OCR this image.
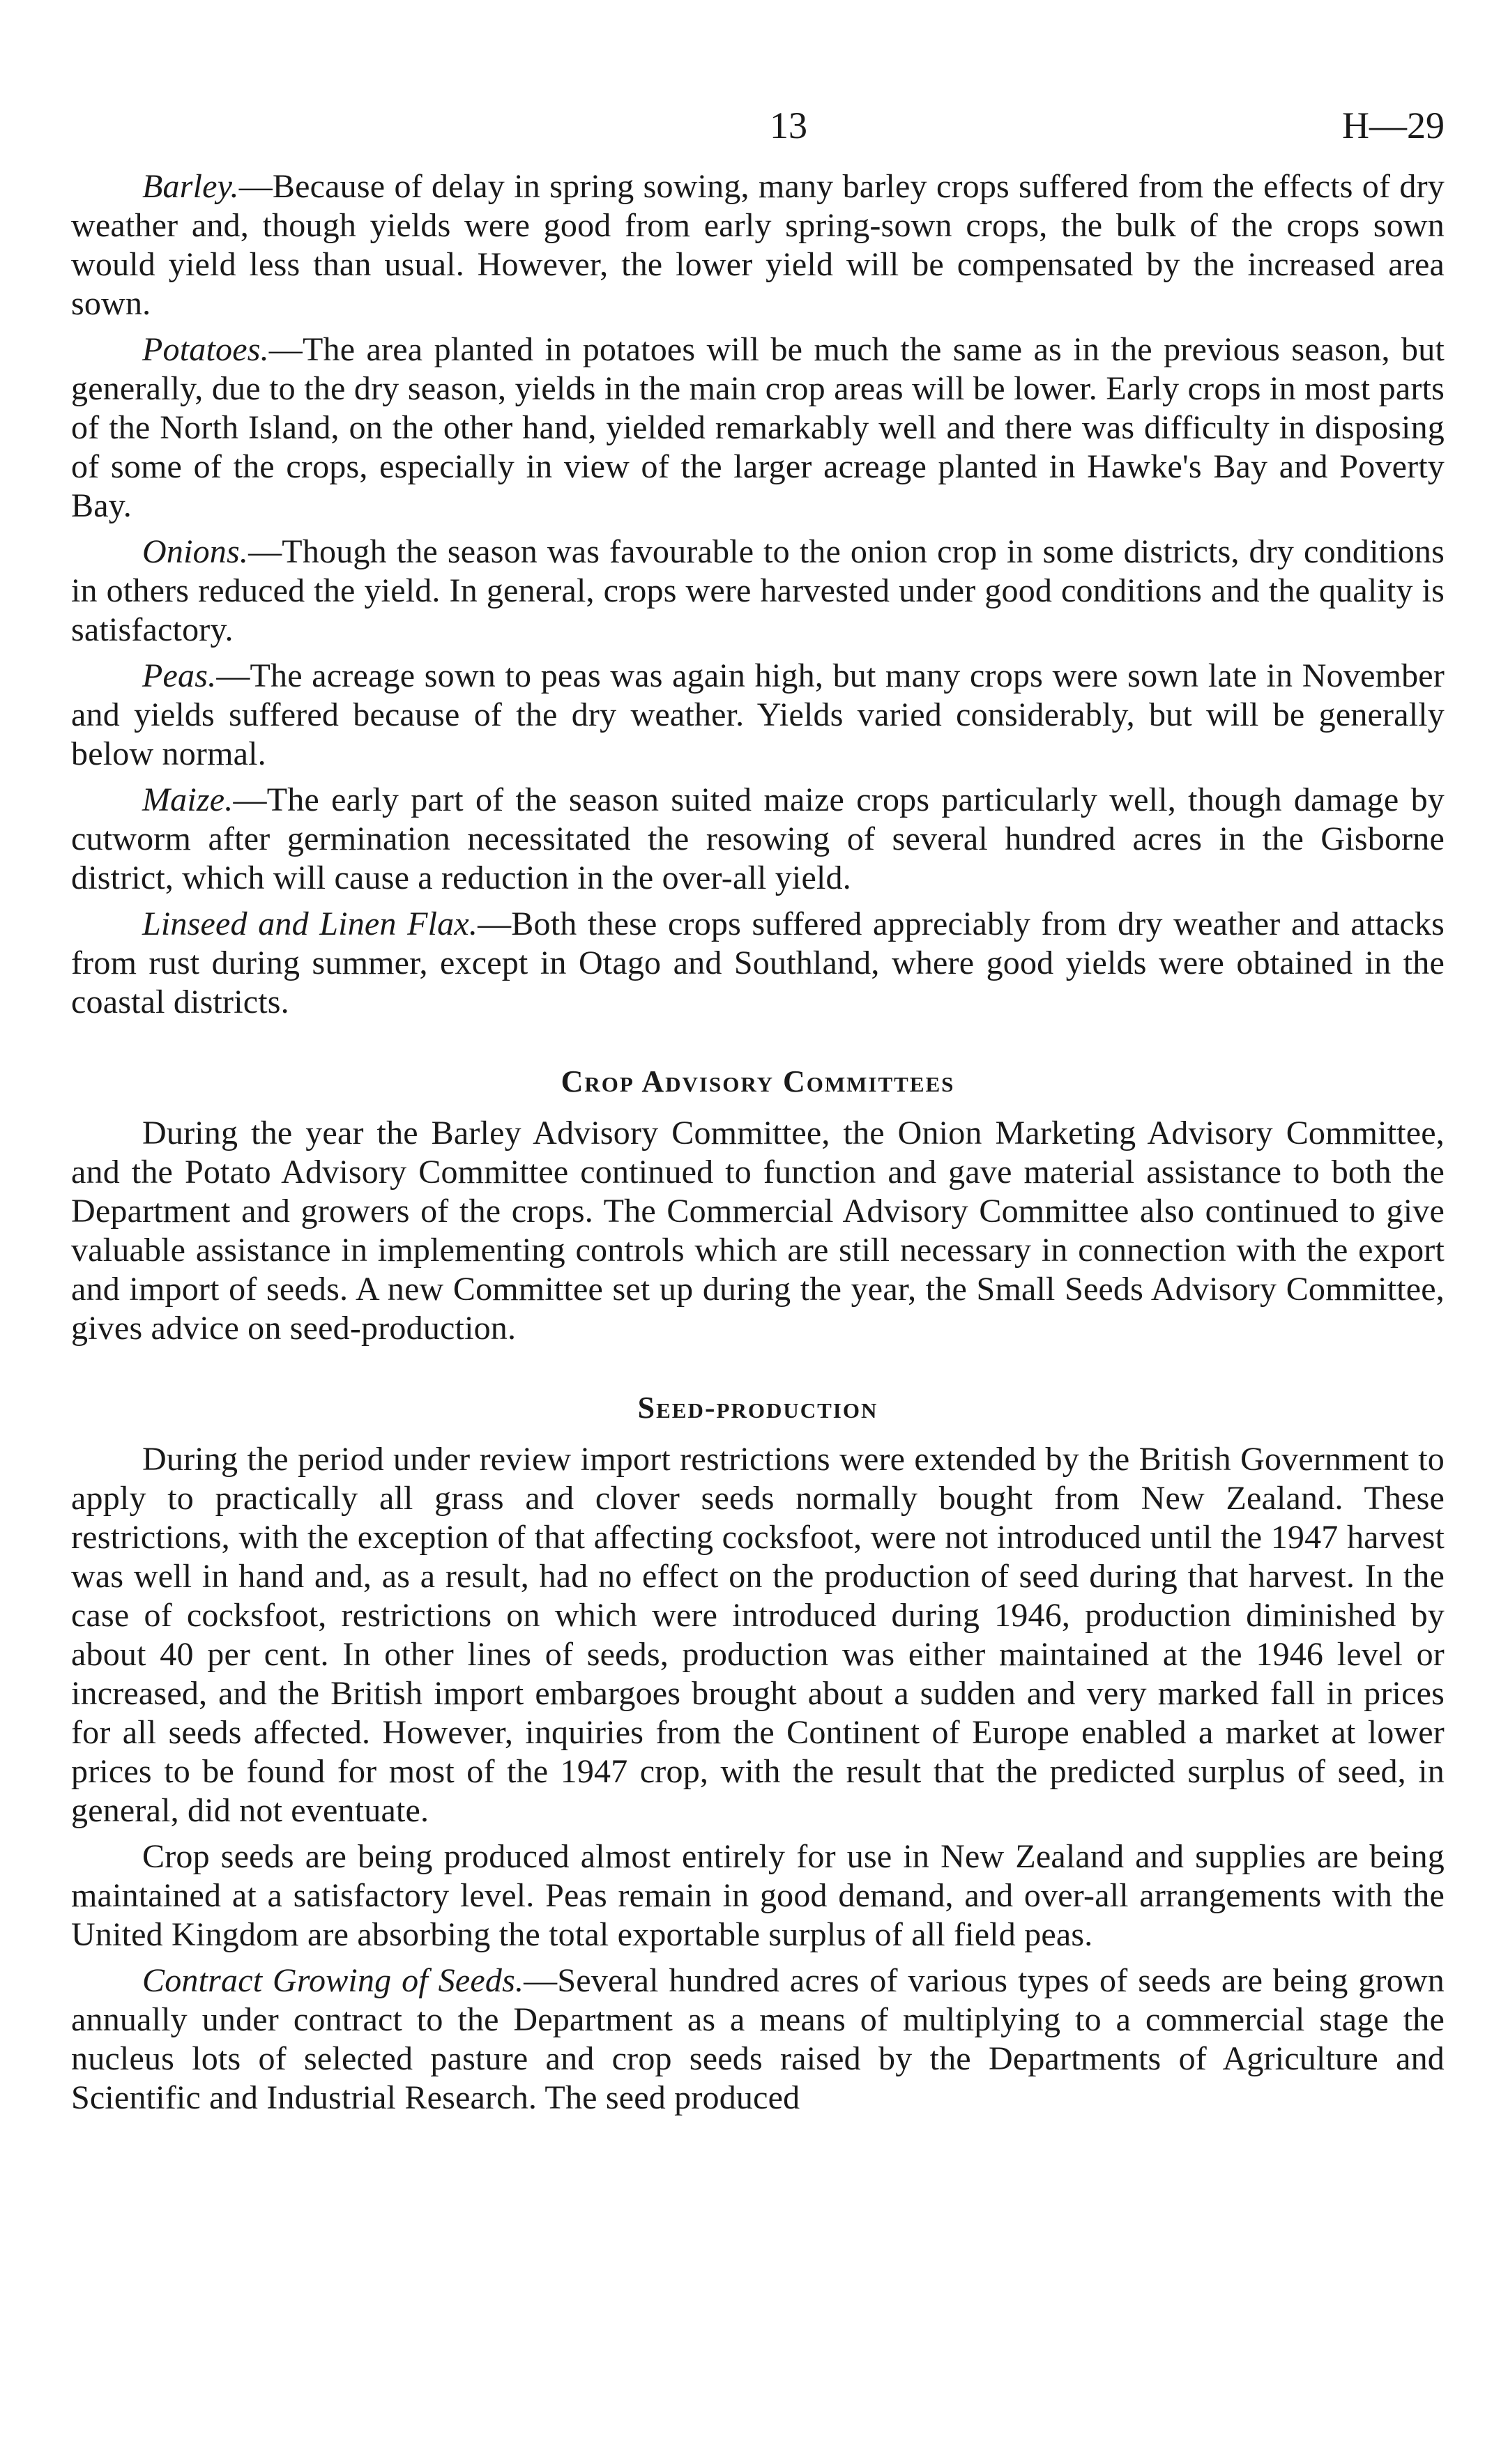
13	H—29

Barley.—Because of delay in spring sowing, many barley crops suffered from the effects of dry weather and, though yields were good from early spring-sown crops, the bulk of the crops sown would yield less than usual. However, the lower yield will be compensated by the increased area sown.

Potatoes.—The area planted in potatoes will be much the same as in the previous season, but generally, due to the dry season, yields in the main crop areas will be lower. Early crops in most parts of the North Island, on the other hand, yielded remarkably well and there was difficulty in disposing of some of the crops, especially in view of the larger acreage planted in Hawke's Bay and Poverty Bay.

Onions.—Though the season was favourable to the onion crop in some districts, dry conditions in others reduced the yield. In general, crops were harvested under good conditions and the quality is satisfactory.

Peas.—The acreage sown to peas was again high, but many crops were sown late in November and yields suffered because of the dry weather. Yields varied considerably, but will be generally below normal.

Maize.—The early part of the season suited maize crops particularly well, though damage by cutworm after germination necessitated the resowing of several hundred acres in the Gisborne district, which will cause a reduction in the over-all yield.

Linseed and Linen Flax.—Both these crops suffered appreciably from dry weather and attacks from rust during summer, except in Otago and Southland, where good yields were obtained in the coastal districts.

Crop Advisory Committees

During the year the Barley Advisory Committee, the Onion Marketing Advisory Committee, and the Potato Advisory Committee continued to function and gave material assistance to both the Department and growers of the crops. The Commercial Advisory Committee also continued to give valuable assistance in implementing controls which are still necessary in connection with the export and import of seeds. A new Committee set up during the year, the Small Seeds Advisory Committee, gives advice on seed-production.

Seed-production

During the period under review import restrictions were extended by the British Government to apply to practically all grass and clover seeds normally bought from New Zealand. These restrictions, with the exception of that affecting cocksfoot, were not introduced until the 1947 harvest was well in hand and, as a result, had no effect on the production of seed during that harvest. In the case of cocksfoot, restrictions on which were introduced during 1946, production diminished by about 40 per cent. In other lines of seeds, production was either maintained at the 1946 level or increased, and the British import embargoes brought about a sudden and very marked fall in prices for all seeds affected. However, inquiries from the Continent of Europe enabled a market at lower prices to be found for most of the 1947 crop, with the result that the predicted surplus of seed, in general, did not eventuate.

Crop seeds are being produced almost entirely for use in New Zealand and supplies are being maintained at a satisfactory level. Peas remain in good demand, and over-all arrangements with the United Kingdom are absorbing the total exportable surplus of all field peas.

Contract Growing of Seeds.—Several hundred acres of various types of seeds are being grown annually under contract to the Department as a means of multiplying to a commercial stage the nucleus lots of selected pasture and crop seeds raised by the Departments of Agriculture and Scientific and Industrial Research. The seed produced
